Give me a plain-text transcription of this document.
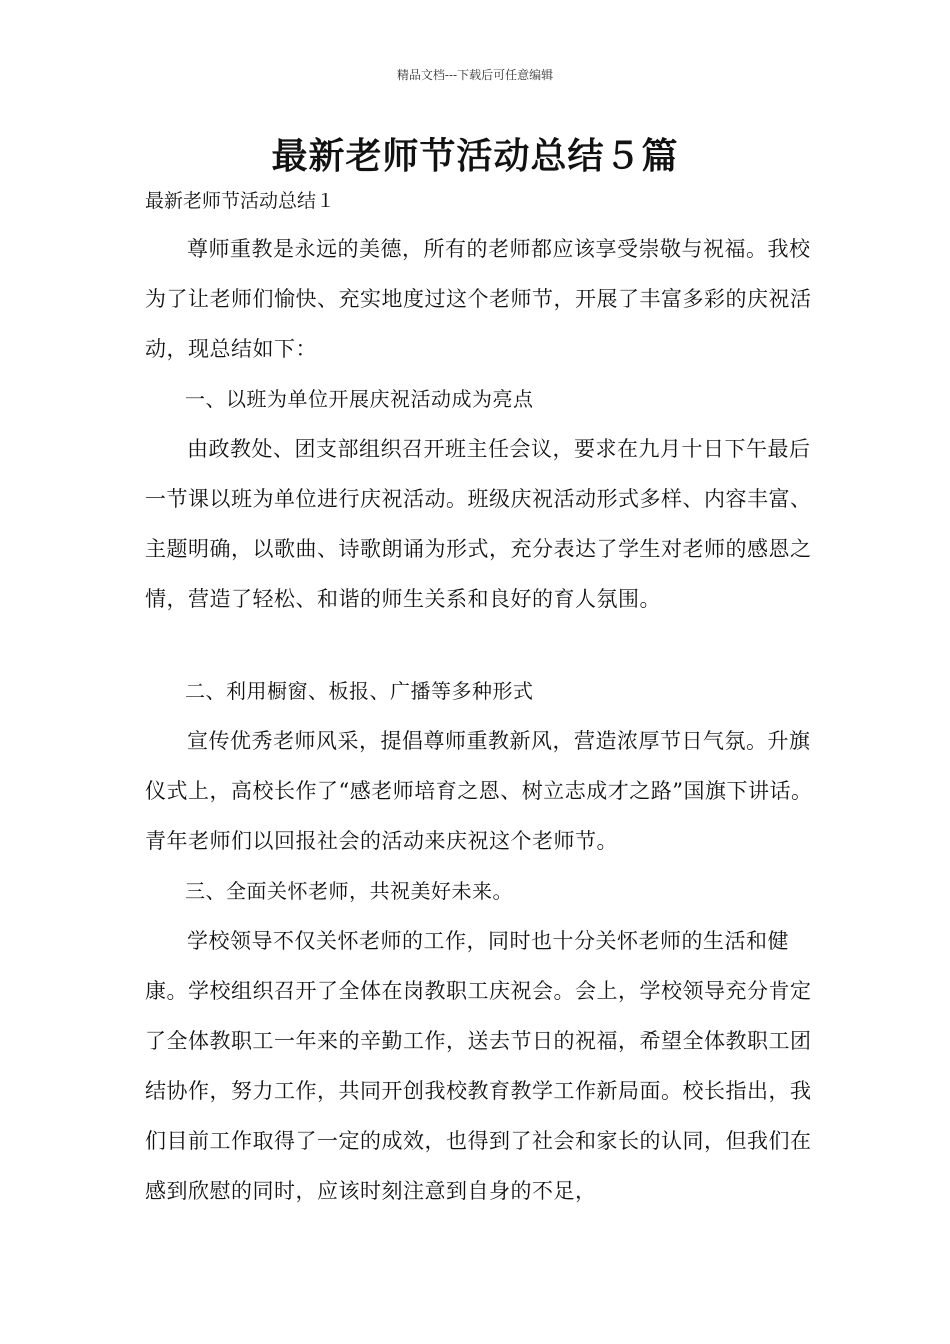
精品文档---下载后可任意编辑
最新老师节活动总结５篇
最新老师节活动总结１

尊师重教是永远的美德，所有的老师都应该享受崇敬与祝福。我校为了让老师们愉快、充实地度过这个老师节，开展了丰富多彩的庆祝活动，现总结如下：

一、以班为单位开展庆祝活动成为亮点

由政教处、团支部组织召开班主任会议，要求在九月十日下午最后一节课以班为单位进行庆祝活动。班级庆祝活动形式多样、内容丰富、主题明确，以歌曲、诗歌朗诵为形式，充分表达了学生对老师的感恩之情，营造了轻松、和谐的师生关系和良好的育人氛围。

二、利用橱窗、板报、广播等多种形式

宣传优秀老师风采，提倡尊师重教新风，营造浓厚节日气氛。升旗仪式上，高校长作了“感老师培育之恩、树立志成才之路”国旗下讲话。青年老师们以回报社会的活动来庆祝这个老师节。

三、全面关怀老师，共祝美好未来。

学校领导不仅关怀老师的工作，同时也十分关怀老师的生活和健康。学校组织召开了全体在岗教职工庆祝会。会上，学校领导充分肯定了全体教职工一年来的辛勤工作，送去节日的祝福，希望全体教职工团结协作，努力工作，共同开创我校教育教学工作新局面。校长指出，我们目前工作取得了一定的成效，也得到了社会和家长的认同，但我们在感到欣慰的同时，应该时刻注意到自身的不足，
